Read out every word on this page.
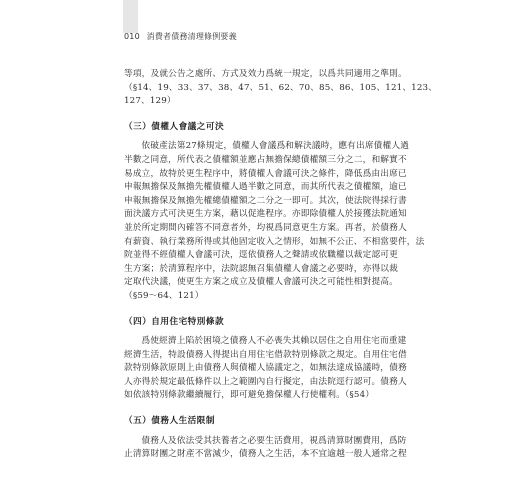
010 消費者債務清理條例要義
等項，及就公告之處所、方式及效力爲統一規定，以爲共同適用之準則。
（§14、19、33、37、38、47、51、62、70、85、86、105、121、123、
127、129）
（三）債權人會議之可決
依破產法第27條規定，債權人會議爲和解決議時，應有出席債權人過
半數之同意，所代表之債權額並應占無擔保總債權額三分之二，和解實不
易成立，故特於更生程序中，將債權人會議可決之條件，降低爲由出席已
申報無擔保及無擔先權債權人過半數之同意，而其所代表之債權額，逾已
申報無擔保及無擔先權總債權額之二分之一即可。其次，使法院得採行書
面決議方式可決更生方案，藉以促進程序。亦即除債權人於接獲法院通知
並於所定期間內確答不同意者外，均視爲同意更生方案。再者，於債務人
有薪資、執行業務所得或其他固定收入之情形，如無不公正、不相當要件，法
院並得不經債權人會議可決，逕依債務人之聲請或依職權以裁定認可更
生方案；於清算程序中，法院認無召集債權人會議之必要時，亦得以裁
定取代決議，使更生方案之成立及債權人會議可決之可能性相對提高。
（§59～64、121）
（四）自用住宅特別條款
爲使經濟上陷於困境之債務人不必喪失其賴以居住之自用住宅而重建
經濟生活，特設債務人得提出自用住宅借款特別條款之規定。自用住宅借
款特別條款原則上由債務人與債權人協議定之，如無法達成協議時，債務
人亦得於規定最低條件以上之範圍內自行擬定，由法院逕行認可。債務人
如依該特別條款繼續履行，即可避免擔保權人行使權利。（§54）
（五）債務人生活限制
債務人及依法受其扶養者之必要生活費用，視爲清算財團費用，爲防
止清算財團之財產不當減少，債務人之生活，本不宜逾越一般人通常之程
